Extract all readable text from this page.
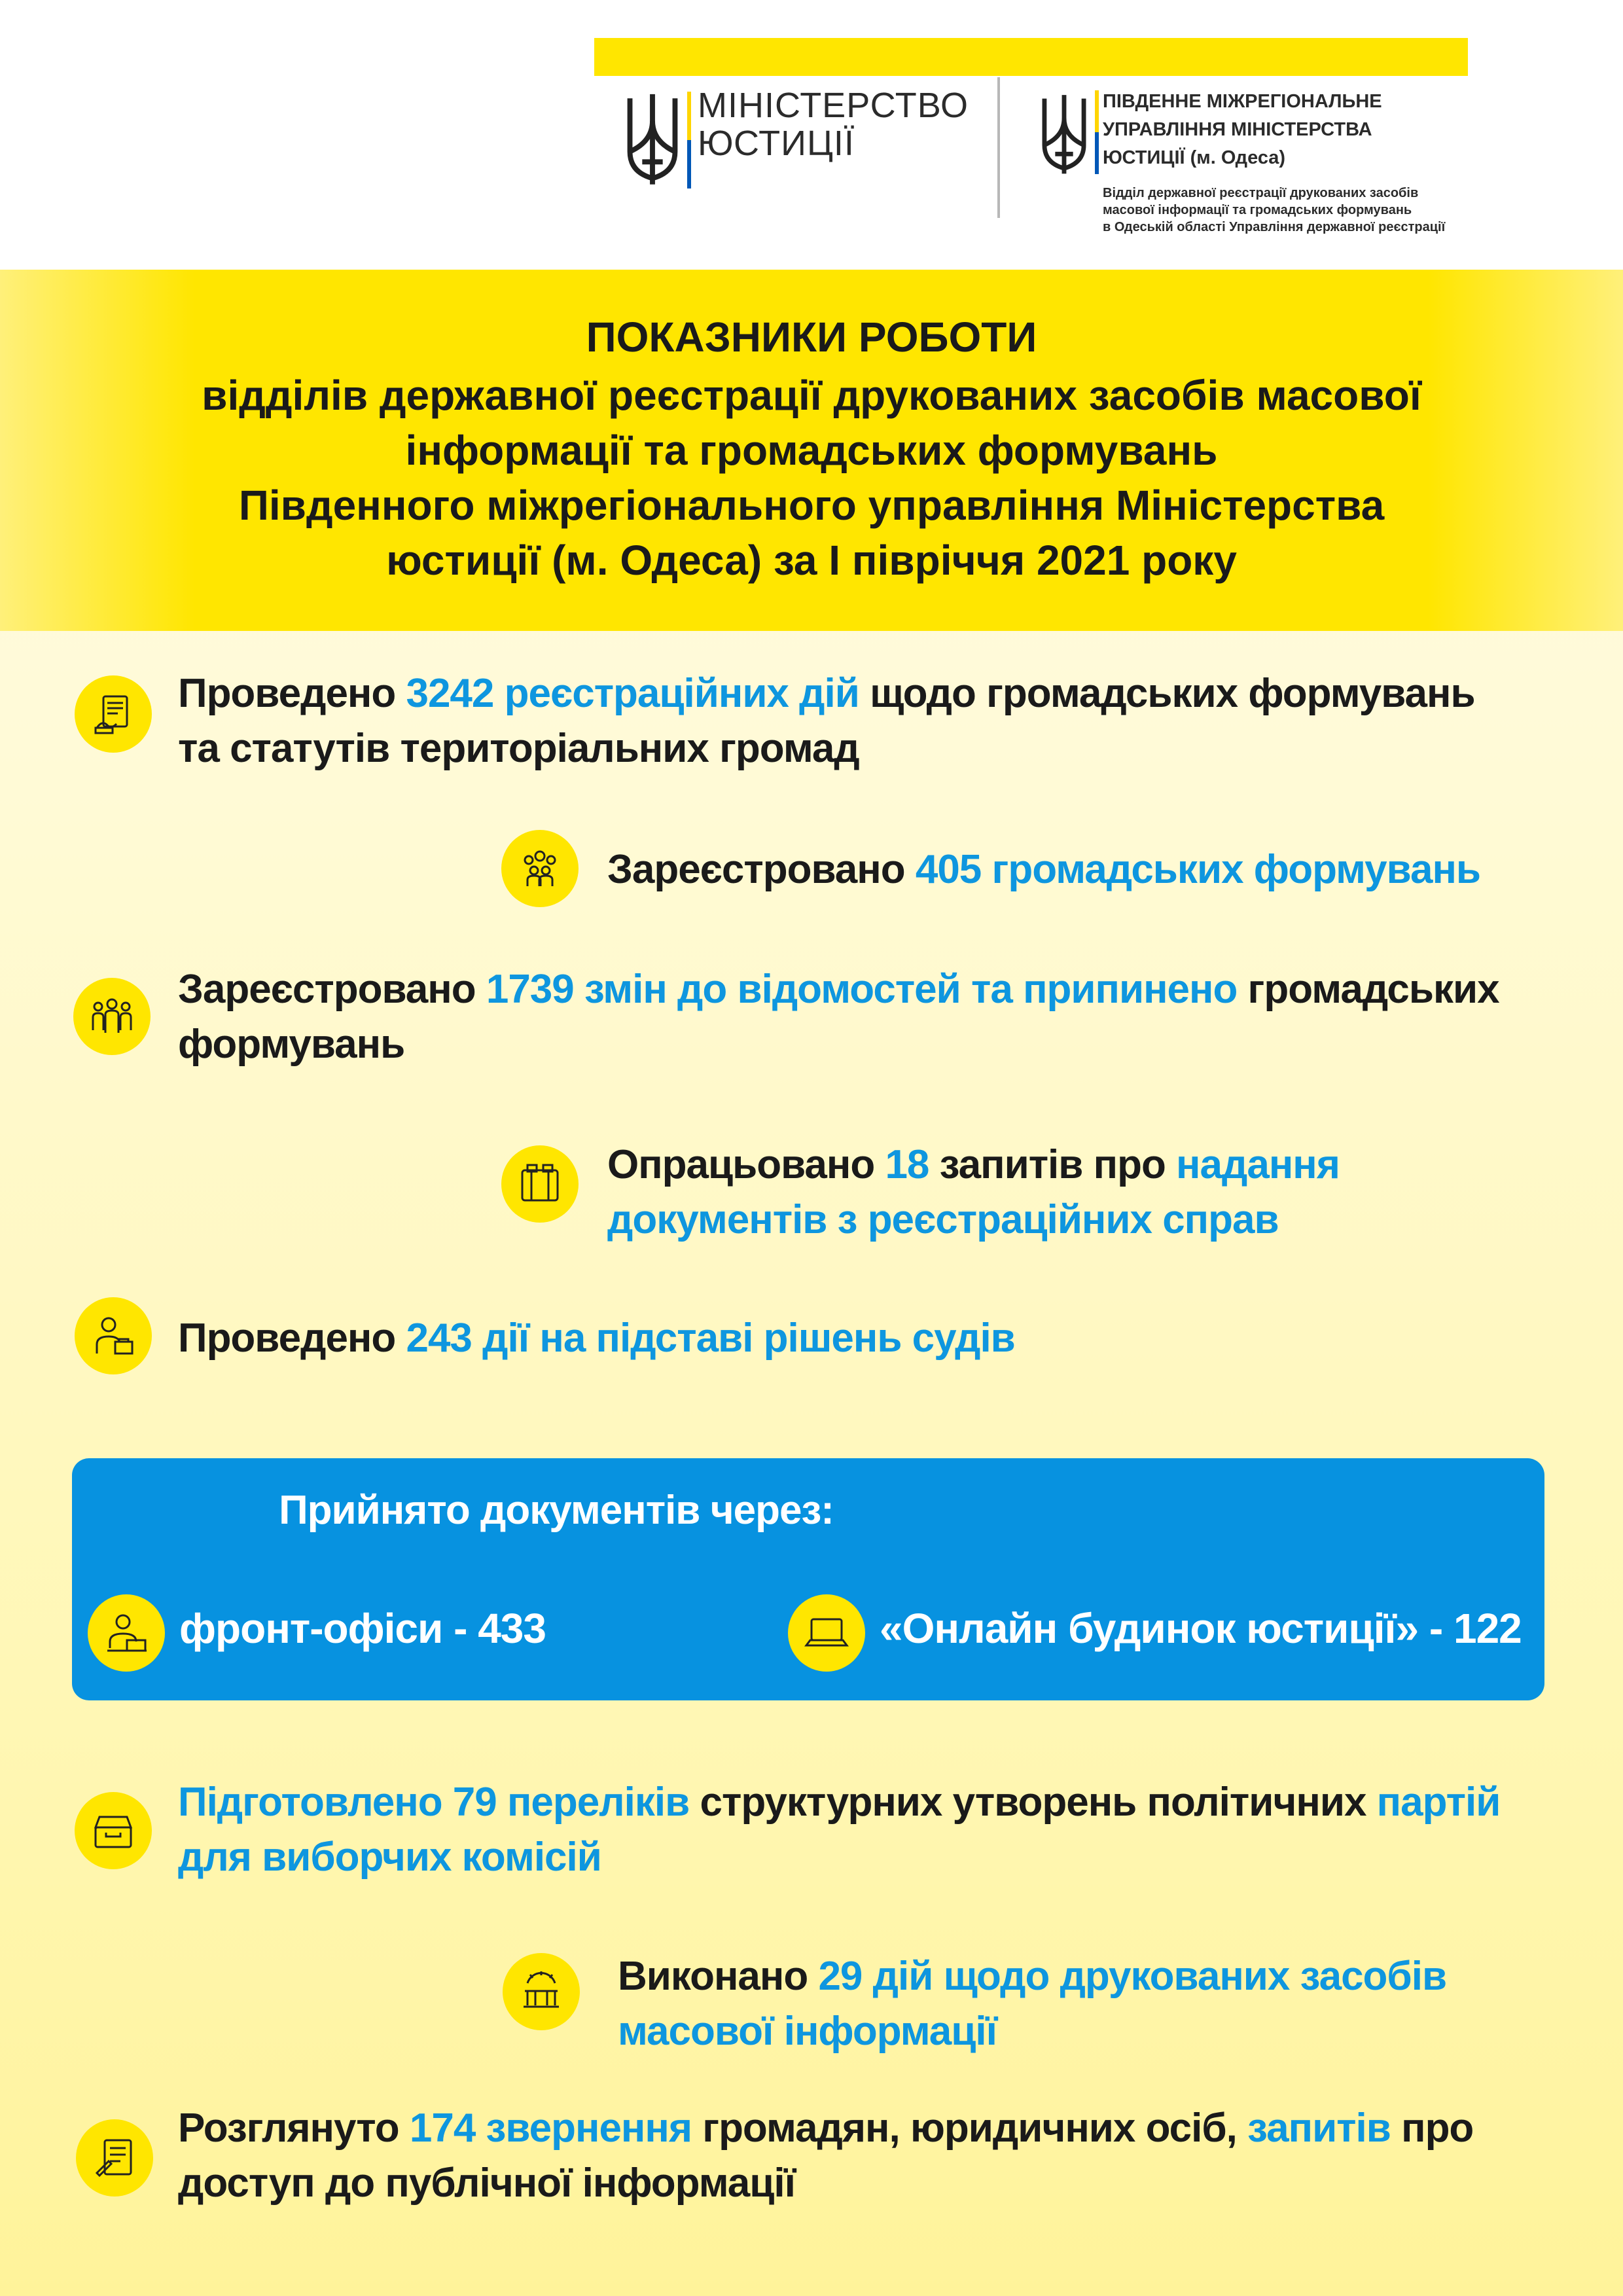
МІНІСТЕРСТВО
ЮСТИЦІЇ
ПІВДЕННЕ МІЖРЕГІОНАЛЬНЕ
УПРАВЛІННЯ МІНІСТЕРСТВА
ЮСТИЦІЇ (м. Одеса)
Відділ державної реєстрації друкованих засобів
масової інформації та громадських формувань
в Одеській області Управління державної реєстрації
ПОКАЗНИКИ РОБОТИ
відділів державної реєстрації друкованих засобів масової
інформації та громадських формувань
Південного міжрегіонального управління Міністерства
юстиції (м. Одеса) за І півріччя 2021 року
Проведено 3242 реєстраційних дій щодо громадських формувань
та статутів територіальних громад
Зареєстровано 405 громадських формувань
Зареєстровано 1739 змін до відомостей та припинено громадських
формувань
Опрацьовано 18 запитів про надання
документів з реєстраційних справ
Проведено 243 дії на підставі рішень судів
Прийнято документів через:
фронт-офіси - 433	«Онлайн будинок юстиції» - 122
Підготовлено 79 переліків структурних утворень політичних партій
для виборчих комісій
Виконано 29 дій щодо друкованих засобів
масової інформації
Розглянуто 174 звернення громадян, юридичних осіб, запитів про
доступ до публічної інформації
